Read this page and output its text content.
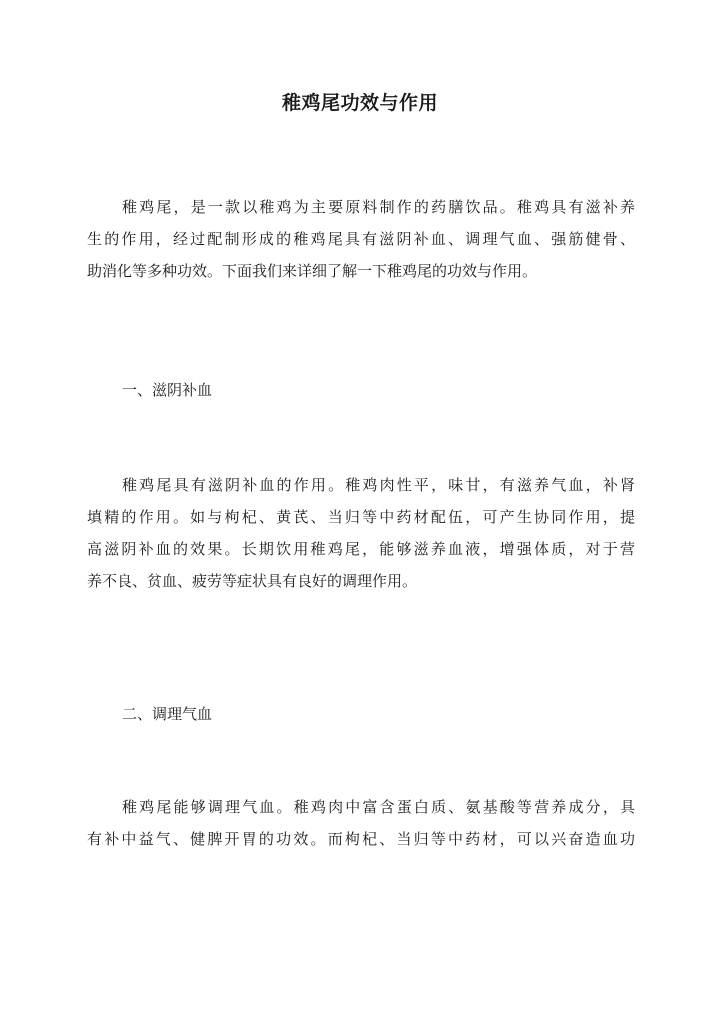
稚鸡尾功效与作用
稚鸡尾，是一款以稚鸡为主要原料制作的药膳饮品。稚鸡具有滋补养
生的作用，经过配制形成的稚鸡尾具有滋阴补血、调理气血、强筋健骨、
助消化等多种功效。下面我们来详细了解一下稚鸡尾的功效与作用。
一、滋阴补血
稚鸡尾具有滋阴补血的作用。稚鸡肉性平，味甘，有滋养气血，补肾
填精的作用。如与枸杞、黄芪、当归等中药材配伍，可产生协同作用，提
高滋阴补血的效果。长期饮用稚鸡尾，能够滋养血液，增强体质，对于营
养不良、贫血、疲劳等症状具有良好的调理作用。
二、调理气血
稚鸡尾能够调理气血。稚鸡肉中富含蛋白质、氨基酸等营养成分，具
有补中益气、健脾开胃的功效。而枸杞、当归等中药材，可以兴奋造血功
